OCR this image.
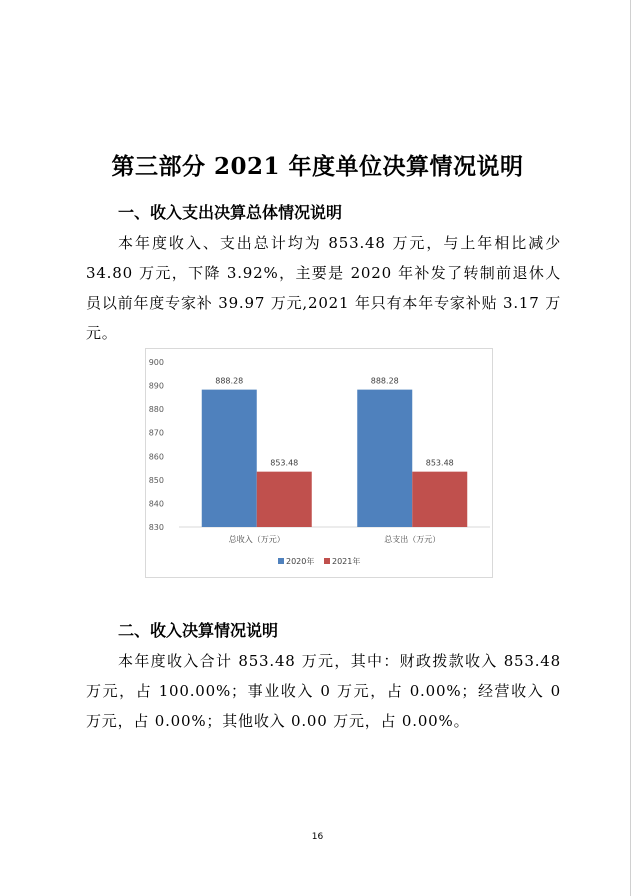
第三部分 2021 年度单位决算情况说明
一、收入支出决算总体情况说明

本年度收入、支出总计均为 853.48 万元，与上年相比减少 34.80 万元，下降 3.92%，主要是 2020 年补发了转制前退休人员以前年度专家补 39.97 万元,2021 年只有本年专家补贴 3.17 万元。

830
840
850
860
870
880
890
900
888.28
853.48
总收入（万元）
888.28
853.48
总支出（万元）
2020年 2021年
二、收入决算情况说明

本年度收入合计 853.48 万元，其中：财政拨款收入 853.48 万元，占 100.00%；事业收入 0 万元，占 0.00%；经营收入 0 万元，占 0.00%；其他收入 0.00 万元，占 0.00%。

16
